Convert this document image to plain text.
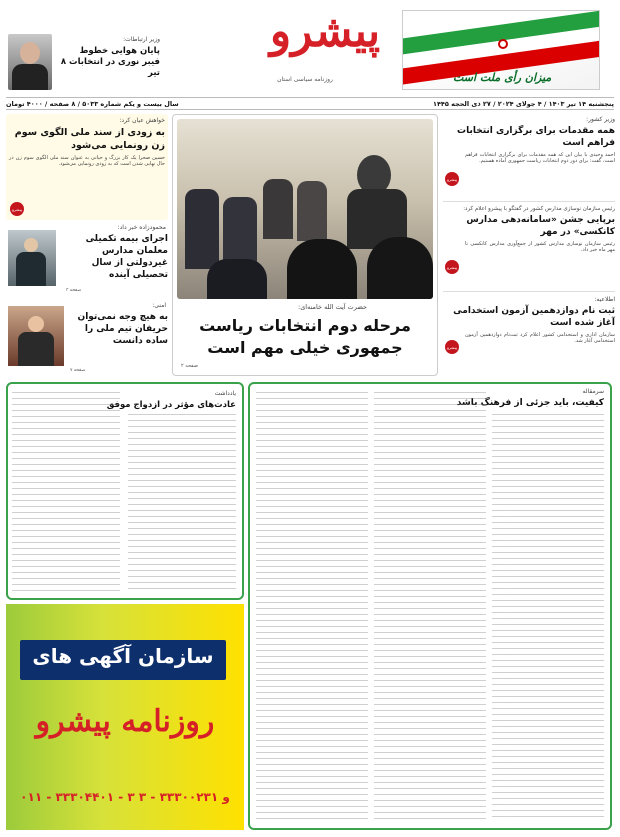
میزان رأی ملت است
پیشرو
روزنامه سیاسی استان
وزیر ارتباطات:
پایان هوایی خطوط فیبر نوری در انتخابات ۸ تیر
پنجشنبه ۱۴ تیر ۱۴۰۳ / ۴ جولای ۲۰۲۴ / ۲۷ ذی الحجه ۱۴۴۵
سال بیست و یکم شماره ۵۰۳۳ / ۸ صفحه / ۴۰۰۰ تومان
وزیر کشور:
همه مقدمات برای برگزاری انتخابات فراهم است
احمد وحیدی با بیان این که همه مقدمات برای برگزاری انتخابات فراهم است، گفت: برای دور دوم انتخابات ریاست جمهوری آماده هستیم.
پیشرو
رئیس سازمان نوسازی مدارس کشور در گفتگو با پیشرو اعلام کرد:
برپایی جشن «سامانه‌دهی مدارس کانکسی» در مهر
رئیس سازمان نوسازی مدارس کشور از جمع‌آوری مدارس کانکسی تا مهر ماه خبر داد.
پیشرو
اطلاعیه:
ثبت نام دوازدهمین آزمون استخدامی آغاز شده است
سازمان اداری و استخدامی کشور اعلام کرد ثبت‌نام دوازدهمین آزمون استخدامی آغاز شد.
پیشرو
حضرت آیت الله خامنه‌ای:
مرحله دوم انتخابات ریاست جمهوری خیلی مهم است
صفحه ۲
خواهش عیان کرد:
به زودی از سند ملی الگوی سوم زن رونمایی می‌شود
حسین صحرا یک کار بزرگ و حیاتی به عنوان سند ملی الگوی سوم زن در حال نهایی شدن است که به زودی رونمایی می‌شود.
پیشرو
محمودزاده خبر داد:
اجرای بیمه تکمیلی معلمان مدارس غیردولتی از سال تحصیلی آینده
صفحه ۳
امنی:
به هیچ وجه نمی‌توان حریفان تیم ملی را ساده دانست
صفحه ۷
سرمقاله
کیفیت، باید جزئی از فرهنگ باشد
یادداشت
عادت‌های مؤثر در ازدواج موفق
سازمان آگهی های
روزنامه پیشرو
۰۱۱ - ۳۳۳۰۴۴۰۱ - ۳ و ۳۳۳۰۰۲۳۱ - ۳
